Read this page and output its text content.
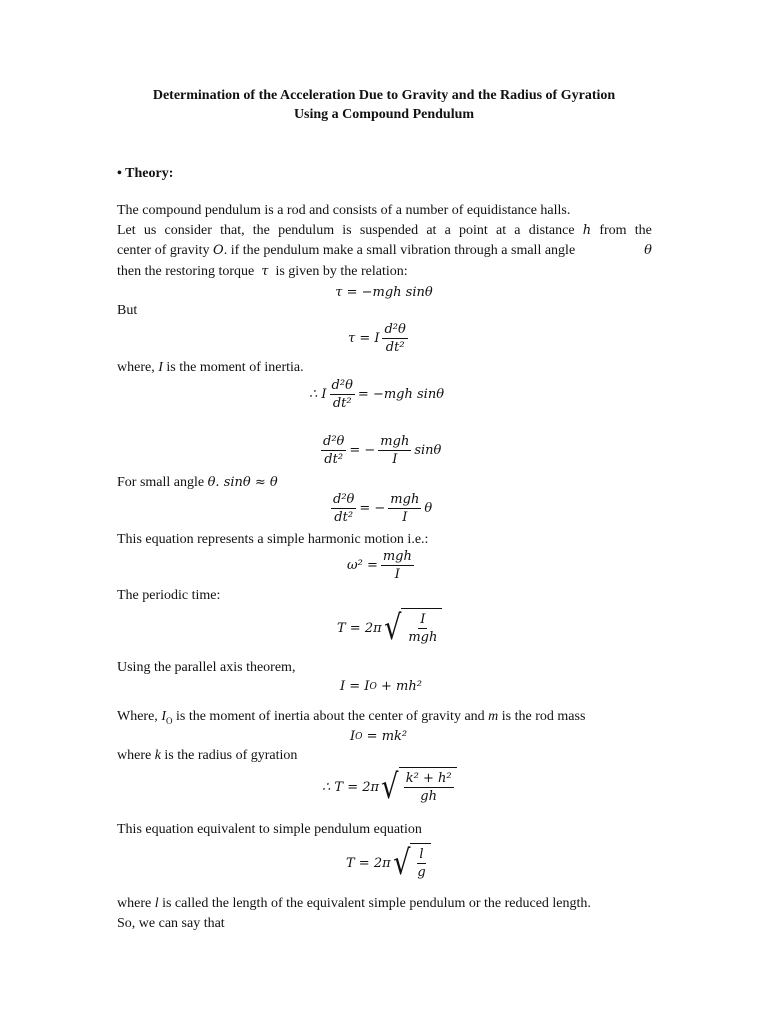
Determination of the Acceleration Due to Gravity and the Radius of Gyration
Using a Compound Pendulum
• Theory:
The compound pendulum is a rod and consists of a number of equidistance halls.
Let us consider that, the pendulum is suspended at a point at a distance h from the
center of gravity O. if the pendulum make a small vibration through a small angle	θ
then the restoring torque τ is given by the relation:
τ = −mgh sinθ
But
τ = I $\frac{\text{d²θ}}{\text{dt²}}$
where, I is the moment of inertia.
∴ I $\frac{\text{d²θ}}{\text{dt²}} = -mgh$ sinθ
$\frac{\text{d²θ}}{\text{dt²}}$ = − $\frac{\text{mgh}}{I}$ sinθ
For small angle θ. sinθ ≈ θ
$\frac{\text{d²θ}}{\text{dt²}}$ = − $\frac{\text{mgh}}{I}$ θ
This equation represents a simple harmonic motion i.e.:
$\omega^2 = \frac{\text{mgh}}{I}$
The periodic time:
T = 2π √ $\frac{I}{\text{mgh}}$
Using the parallel axis theorem,
I = I O
+ mh²
Where, $I_O$ is the moment of inertia about the center of gravity and m is the rod mass
I O
= mk²
where k is the radius of gyration
∴ T = 2π √ $\frac{\text{k² + h²}}{gh}$
This equation equivalent to simple pendulum equation
T = 2π √ $\frac{l}{g}$
where l is called the length of the equivalent simple pendulum or the reduced length.
So, we can say that
